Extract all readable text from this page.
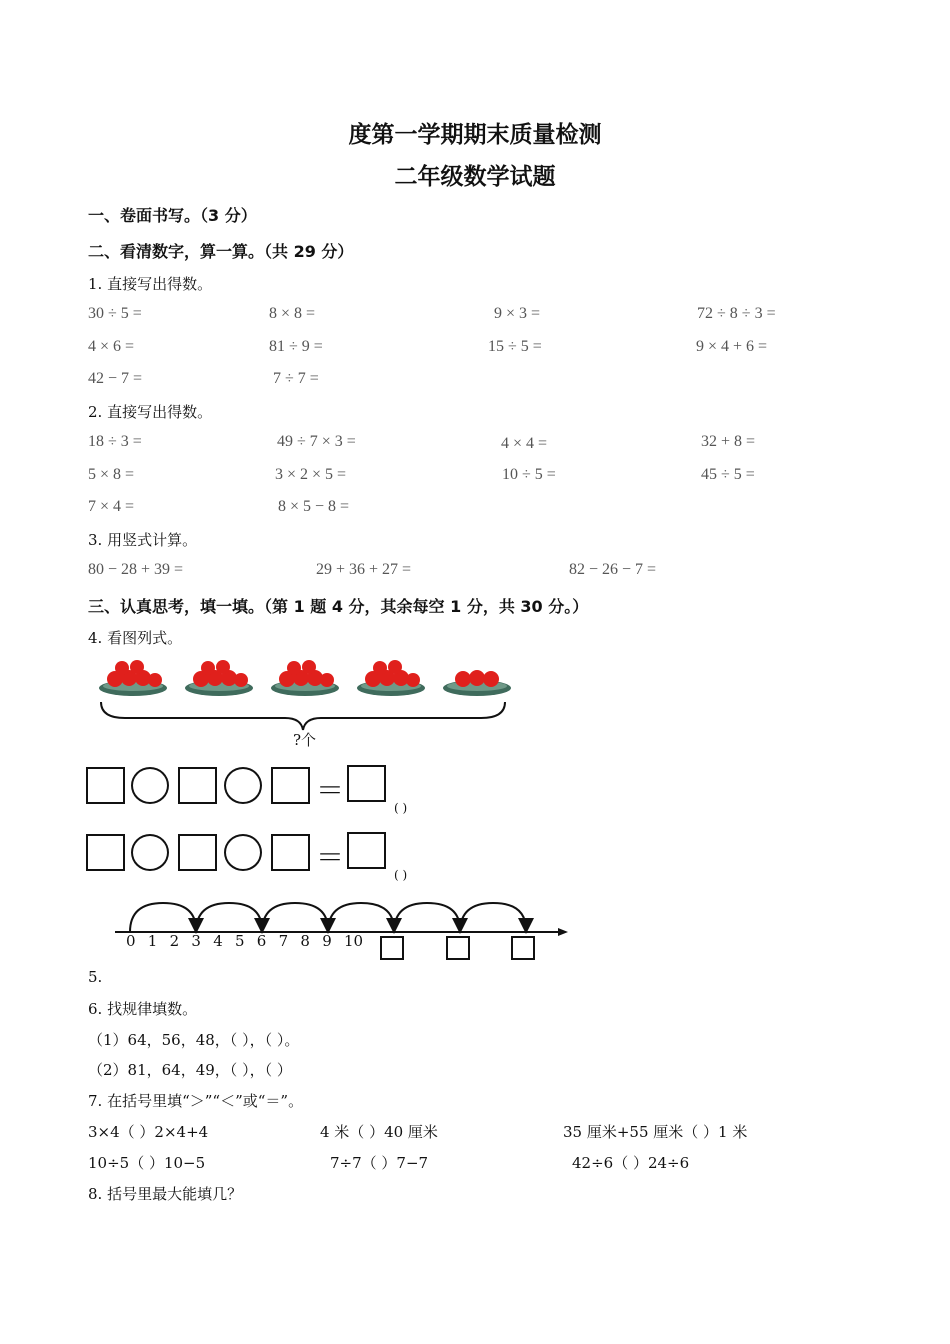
度第一学期期末质量检测
二年级数学试题
一、卷面书写。（3 分）
二、看清数字，算一算。（共 29 分）
1. 直接写出得数。
30 ÷ 5 =	8 × 8 =	9 × 3 =	72 ÷ 8 ÷ 3 =
4 × 6 =	81 ÷ 9 =	15 ÷ 5 =	9 × 4 + 6 =
42 − 7 =	7 ÷ 7 =
2. 直接写出得数。
18 ÷ 3 =	49 ÷ 7 × 3 =	4 × 4 =	32 + 8 =
5 × 8 =	3 × 2 × 5 =	10 ÷ 5 =	45 ÷ 5 =
7 × 4 =	8 × 5 − 8 =
3. 用竖式计算。
80 − 28 + 39 =	29 + 36 + 27 =	82 − 26 − 7 =
三、认真思考，填一填。（第 1 题 4 分，其余每空 1 分，共 30 分。）
4. 看图列式。
?个
＝
( )
＝
( )
0 1 2 3 4 5 6 7 8 9 10
5.
6. 找规律填数。
（1）64，56，48，（ ），（ ）。
（2）81，64，49，（ ），（ ）
7. 在括号里填“＞”“＜”或“＝”。
3×4（ ）2×4+4	4 米（ ）40 厘米	35 厘米+55 厘米（ ）1 米
10÷5（ ）10−5	7÷7（ ）7−7	42÷6（ ）24÷6
8. 括号里最大能填几？
